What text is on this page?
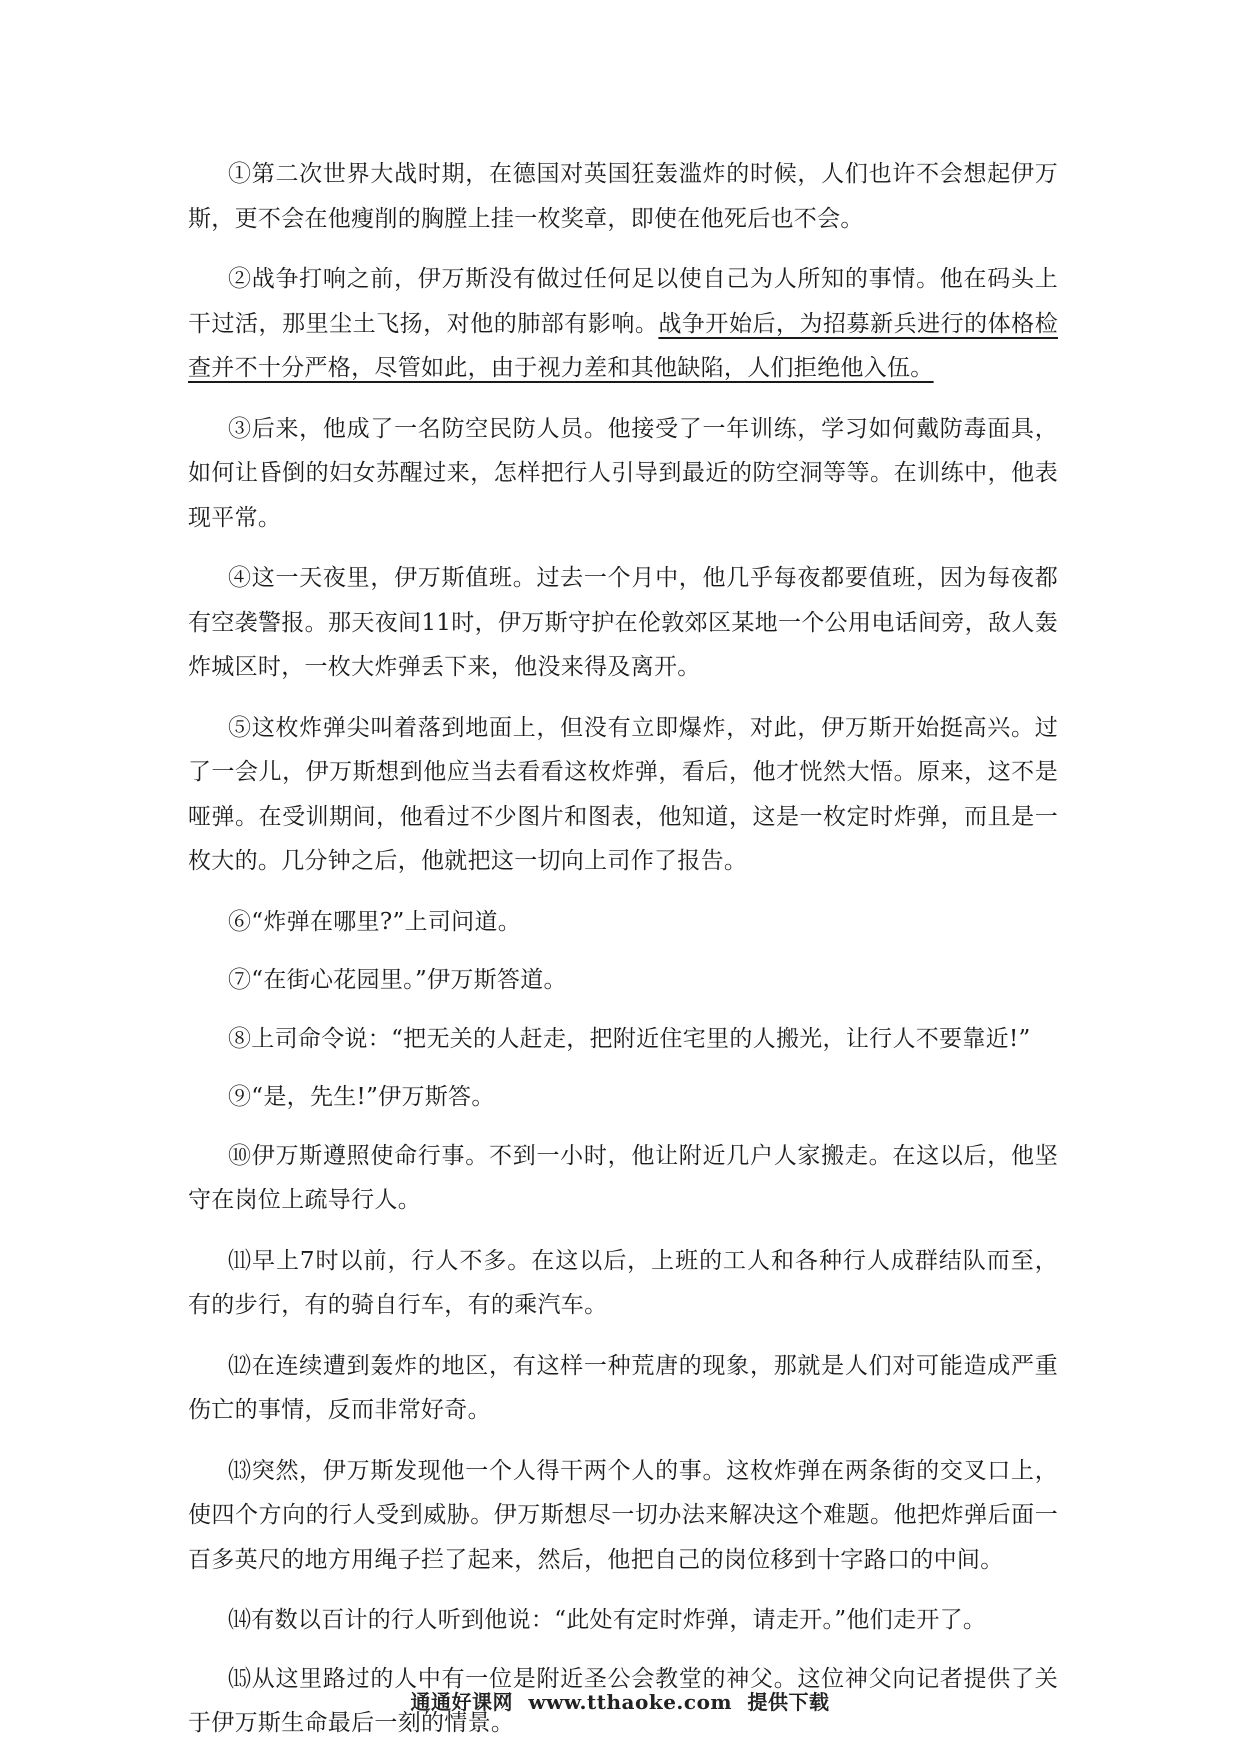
①第二次世界大战时期，在德国对英国狂轰滥炸的时候，人们也许不会想起伊万斯，更不会在他瘦削的胸膛上挂一枚奖章，即使在他死后也不会。

②战争打响之前，伊万斯没有做过任何足以使自己为人所知的事情。他在码头上干过活，那里尘土飞扬，对他的肺部有影响。战争开始后，为招募新兵进行的体格检查并不十分严格，尽管如此，由于视力差和其他缺陷，人们拒绝他入伍。

③后来，他成了一名防空民防人员。他接受了一年训练，学习如何戴防毒面具，如何让昏倒的妇女苏醒过来，怎样把行人引导到最近的防空洞等等。在训练中，他表现平常。

④这一天夜里，伊万斯值班。过去一个月中，他几乎每夜都要值班，因为每夜都有空袭警报。那天夜间11时，伊万斯守护在伦敦郊区某地一个公用电话间旁，敌人轰炸城区时，一枚大炸弹丢下来，他没来得及离开。

⑤这枚炸弹尖叫着落到地面上，但没有立即爆炸，对此，伊万斯开始挺高兴。过了一会儿，伊万斯想到他应当去看看这枚炸弹，看后，他才恍然大悟。原来，这不是哑弹。在受训期间，他看过不少图片和图表，他知道，这是一枚定时炸弹，而且是一枚大的。几分钟之后，他就把这一切向上司作了报告。

⑥“炸弹在哪里?”上司问道。

⑦“在街心花园里。”伊万斯答道。

⑧上司命令说：“把无关的人赶走，把附近住宅里的人搬光，让行人不要靠近!”

⑨“是，先生!”伊万斯答。

⑩伊万斯遵照使命行事。不到一小时，他让附近几户人家搬走。在这以后，他坚守在岗位上疏导行人。

⑾早上7时以前，行人不多。在这以后，上班的工人和各种行人成群结队而至，有的步行，有的骑自行车，有的乘汽车。

⑿在连续遭到轰炸的地区，有这样一种荒唐的现象，那就是人们对可能造成严重伤亡的事情，反而非常好奇。

⒀突然，伊万斯发现他一个人得干两个人的事。这枚炸弹在两条街的交叉口上，使四个方向的行人受到威胁。伊万斯想尽一切办法来解决这个难题。他把炸弹后面一百多英尺的地方用绳子拦了起来，然后，他把自己的岗位移到十字路口的中间。

⒁有数以百计的行人听到他说：“此处有定时炸弹，请走开。”他们走开了。

⒂从这里路过的人中有一位是附近圣公会教堂的神父。这位神父向记者提供了关于伊万斯生命最后一刻的情景。

通通好课网 www.tthaoke.com 提供下载
